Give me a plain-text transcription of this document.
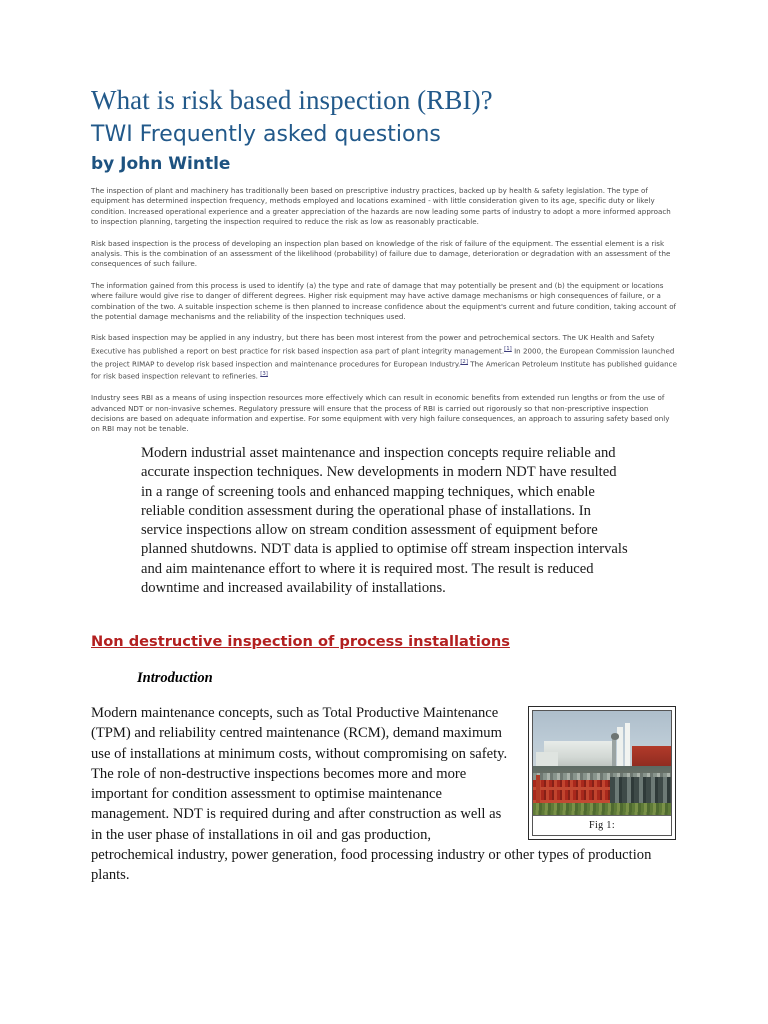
What is risk based inspection (RBI)?
TWI Frequently asked questions
by John Wintle

The inspection of plant and machinery has traditionally been based on prescriptive industry practices, backed up by health & safety legislation. The type of equipment has determined inspection frequency, methods employed and locations examined - with little consideration given to its age, specific duty or likely condition. Increased operational experience and a greater appreciation of the hazards are now leading some parts of industry to adopt a more informed approach to inspection planning, targeting the inspection required to reduce the risk as low as reasonably practicable.

Risk based inspection is the process of developing an inspection plan based on knowledge of the risk of failure of the equipment. The essential element is a risk analysis. This is the combination of an assessment of the likelihood (probability) of failure due to damage, deterioration or degradation with an assessment of the consequences of such failure.

The information gained from this process is used to identify (a) the type and rate of damage that may potentially be present and (b) the equipment or locations where failure would give rise to danger of different degrees. Higher risk equipment may have active damage mechanisms or high consequences of failure, or a combination of the two. A suitable inspection scheme is then planned to increase confidence about the equipment's current and future condition, taking account of the potential damage mechanisms and the reliability of the inspection techniques used.

Risk based inspection may be applied in any industry, but there has been most interest from the power and petrochemical sectors. The UK Health and Safety Executive has published a report on best practice for risk based inspection asa part of plant integrity management.[1] In 2000, the European Commission launched the project RIMAP to develop risk based inspection and maintenance procedures for European Industry.[2] The American Petroleum Institute has published guidance for risk based inspection relevant to refineries. [3]

Industry sees RBI as a means of using inspection resources more effectively which can result in economic benefits from extended run lengths or from the use of advanced NDT or non-invasive schemes. Regulatory pressure will ensure that the process of RBI is carried out rigorously so that non-prescriptive inspection decisions are based on adequate information and expertise. For some equipment with very high failure consequences, an approach to assuring safety based only on RBI may not be tenable.

Modern industrial asset maintenance and inspection concepts require reliable and accurate inspection techniques. New developments in modern NDT have resulted in a range of screening tools and enhanced mapping techniques, which enable reliable condition assessment during the operational phase of installations. In service inspections allow on stream condition assessment of equipment before planned shutdowns. NDT data is applied to optimise off stream inspection intervals and aim maintenance effort to where it is required most. The result is reduced downtime and increased availability of installations.

Non destructive inspection of process installations

Introduction

Fig 1:

Modern maintenance concepts, such as Total Productive Maintenance (TPM) and reliability centred maintenance (RCM), demand maximum use of installations at minimum costs, without compromising on safety. The role of non-destructive inspections becomes more and more important for condition assessment to optimise maintenance management. NDT is required during and after construction as well as in the user phase of installations in oil and gas production, petrochemical industry, power generation, food processing industry or other types of production plants.
